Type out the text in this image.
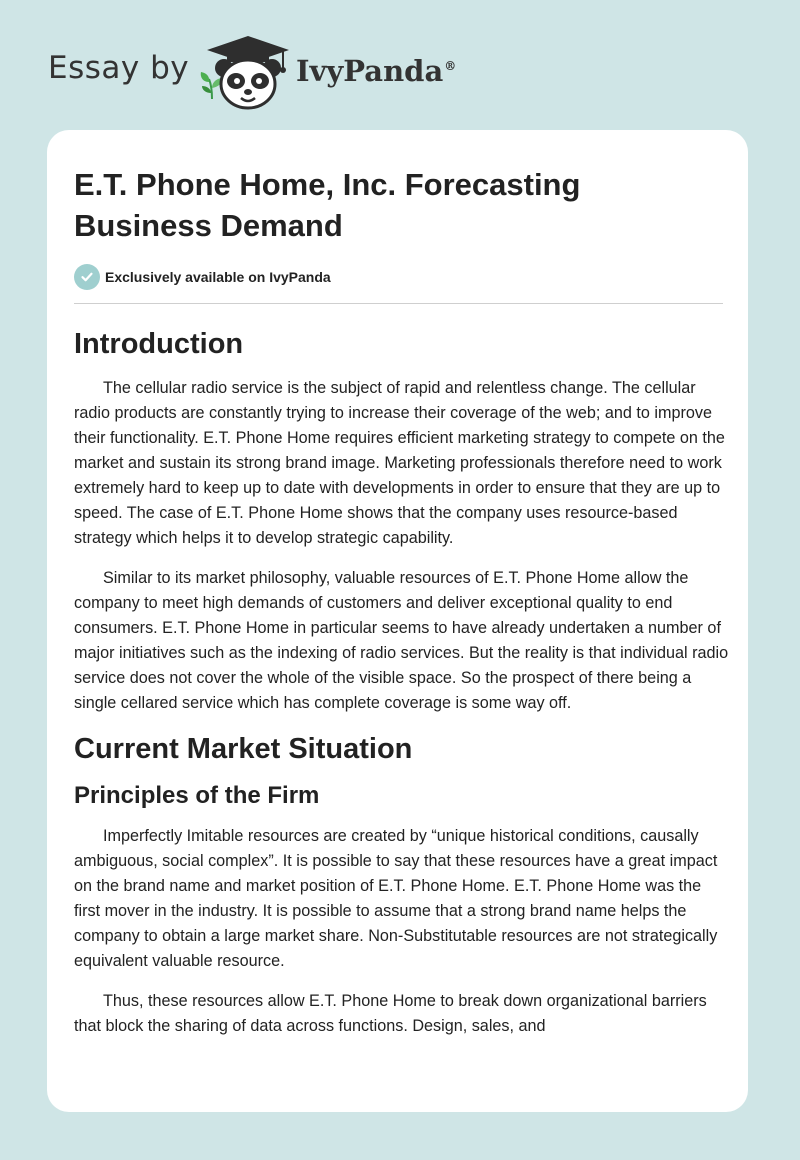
Essay by	IvyPanda®
E.T. Phone Home, Inc. Forecasting Business Demand
Exclusively available on IvyPanda
Introduction

The cellular radio service is the subject of rapid and relentless change. The cellular radio products are constantly trying to increase their coverage of the web; and to improve their functionality. E.T. Phone Home requires efficient marketing strategy to compete on the market and sustain its strong brand image. Marketing professionals therefore need to work extremely hard to keep up to date with developments in order to ensure that they are up to speed. The case of E.T. Phone Home shows that the company uses resource-based strategy which helps it to develop strategic capability.

Similar to its market philosophy, valuable resources of E.T. Phone Home allow the company to meet high demands of customers and deliver exceptional quality to end consumers. E.T. Phone Home in particular seems to have already undertaken a number of major initiatives such as the indexing of radio services. But the reality is that individual radio service does not cover the whole of the visible space. So the prospect of there being a single cellared service which has complete coverage is some way off.

Current Market Situation
Principles of the Firm

Imperfectly Imitable resources are created by “unique historical conditions, causally ambiguous, social complex”. It is possible to say that these resources have a great impact on the brand name and market position of E.T. Phone Home. E.T. Phone Home was the first mover in the industry. It is possible to assume that a strong brand name helps the company to obtain a large market share. Non-Substitutable resources are not strategically equivalent valuable resource.

Thus, these resources allow E.T. Phone Home to break down organizational barriers that block the sharing of data across functions. Design, sales, and
